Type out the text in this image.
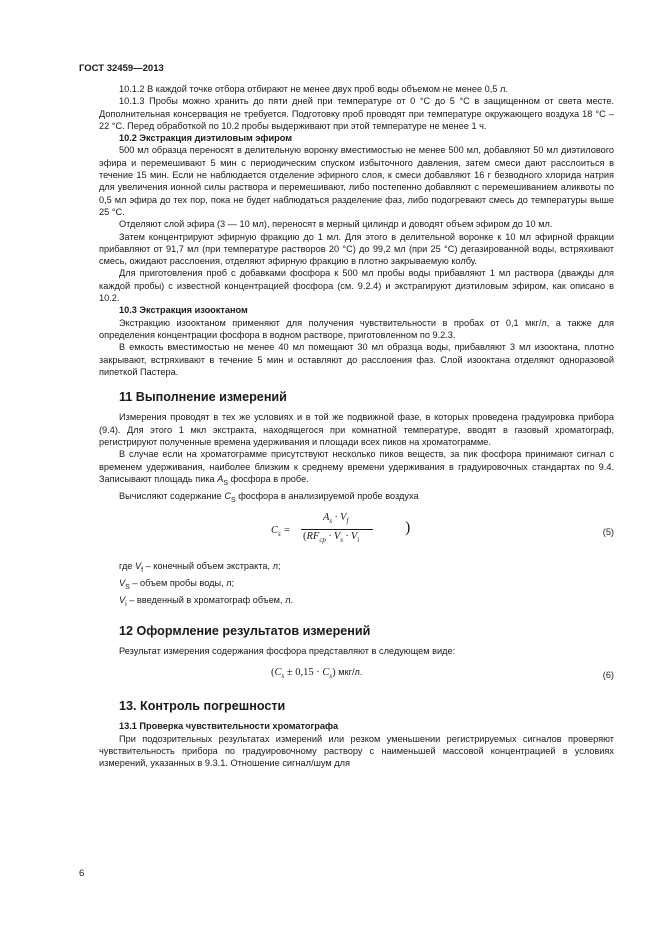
ГОСТ 32459—2013

10.1.2 В каждой точке отбора отбирают не менее двух проб воды объемом не менее 0,5 л.

10.1.3 Пробы можно хранить до пяти дней при температуре от 0 °С до 5 °С в защищенном от света месте. Дополнительная консервация не требуется. Подготовку проб проводят при температуре окружающего воздуха 18 °С – 22 °С. Перед обработкой по 10.2 пробы выдерживают при этой температуре не менее 1 ч.

10.2 Экстракция диэтиловым эфиром

500 мл образца переносят в делительную воронку вместимостью не менее 500 мл, добавляют 50 мл диэтилового эфира и перемешивают 5 мин с периодическим спуском избыточного давления, затем смеси дают расслоиться в течение 15 мин. Если не наблюдается отделение эфирного слоя, к смеси добавляют 16 г безводного хлорида натрия для увеличения ионной силы раствора и перемешивают, либо постепенно добавляют с перемешиванием аликвоты по 0,5 мл эфира до тех пор, пока не будет наблюдаться разделение фаз, либо подогревают смесь до температуры выше 25 °С.

Отделяют слой эфира (3 — 10 мл), переносят в мерный цилиндр и доводят объем эфиром до 10 мл.

Затем концентрируют эфирную фракцию до 1 мл. Для этого в делительной воронке к 10 мл эфирной фракции прибавляют от 91,7 мл (при температуре растворов 20 °С) до 99,2 мл (при 25 °С) дегазированной воды, встряхивают смесь, ожидают расслоения, отделяют эфирную фракцию в плотно закрываемую колбу.

Для приготовления проб с добавками фосфора к 500 мл пробы воды прибавляют 1 мл раствора (дважды для каждой пробы) с известной концентрацией фосфора (см. 9.2.4) и экстрагируют диэтиловым эфиром, как описано в 10.2.

10.3 Экстракция изооктаном

Экстракцию изооктаном применяют для получения чувствительности в пробах от 0,1 мкг/л, а также для определения концентрации фосфора в водном растворе, приготовленном по 9.2.3.

В емкость вместимостью не менее 40 мл помещают 30 мл образца воды, прибавляют 3 мл изооктана, плотно закрывают, встряхивают в течение 5 мин и оставляют до расслоения фаз. Слой изооктана отделяют одноразовой пипеткой Пастера.

11 Выполнение измерений

Измерения проводят в тех же условиях и в той же подвижной фазе, в которых проведена градуировка прибора (9.4). Для этого 1 мкл экстракта, находящегося при комнатной температуре, вводят в газовый хроматограф, регистрируют полученные времена удерживания и площади всех пиков на хроматограмме.

В случае если на хроматограмме присутствуют несколько пиков веществ, за пик фосфора принимают сигнал с временем удерживания, наиболее близким к среднему времени удерживания в градуировочных стандартах по 9.4. Записывают площадь пика $A_S$ фосфора в пробе.

Вычисляют содержание $C_S$ фосфора в анализируемой пробе воздуха

$C_s$ =
$A_s \cdot V_f$
($RF_{ср} \cdot V_s \cdot V_i$
)	(5)
где $V_f$ – конечный объем экстракта, л;
$V_S$ – объем пробы воды, л;
$V_i$ – введенный в хроматограф объем, л.
12 Оформление результатов измерений

Результат измерения содержания фосфора представляют в следующем виде:

$(C_s \pm 0,15 \cdot C_s)$ мкг/л.	(6)
13. Контроль погрешности
13.1 Проверка чувствительности хроматографа

При подозрительных результатах измерений или резком уменьшении регистрируемых сигналов проверяют чувствительность прибора по градуировочному раствору с наименьшей массовой концентрацией в условиях измерений, указанных в 9.3.1. Отношение сигнал/шум для

6
